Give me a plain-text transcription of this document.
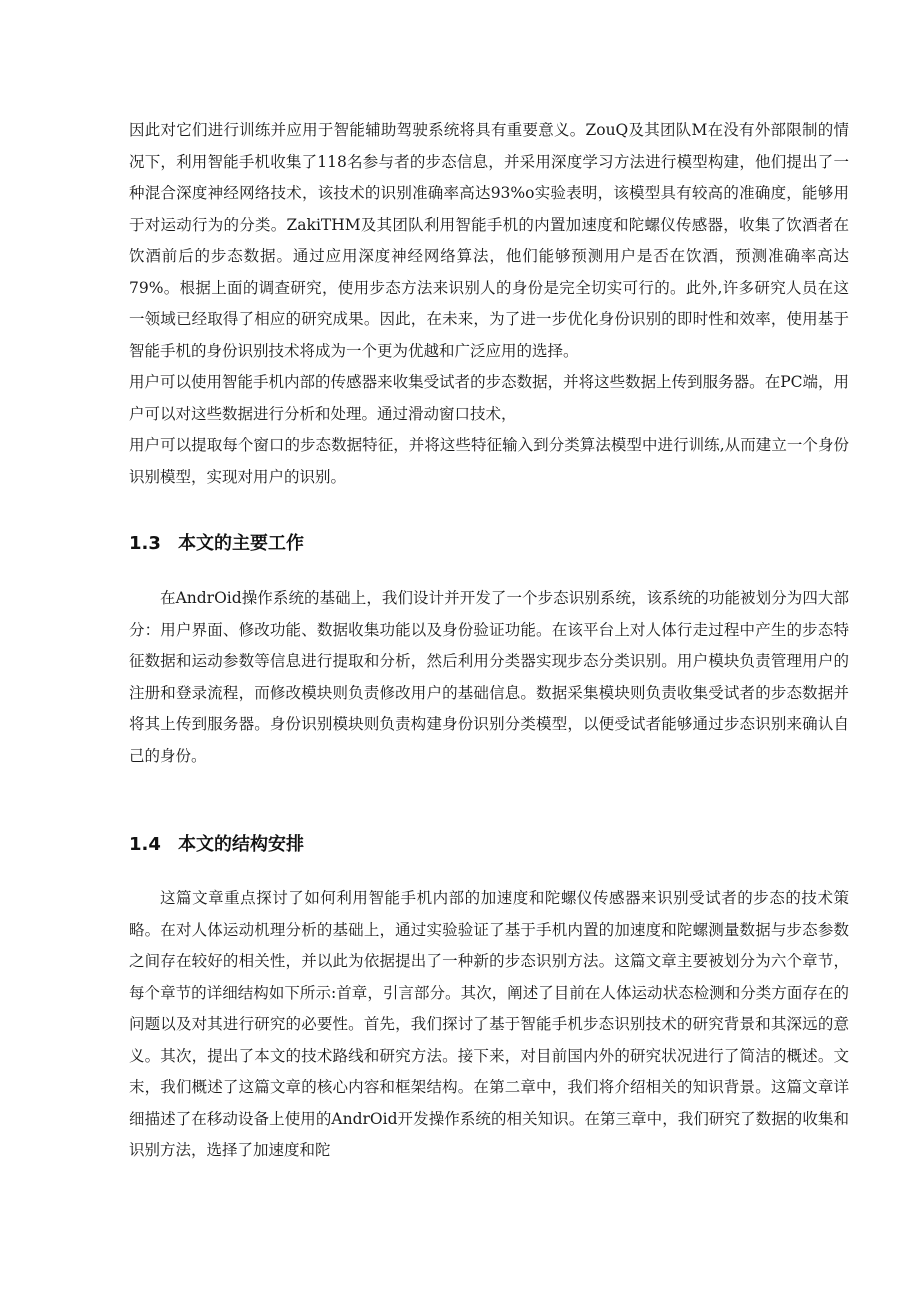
因此对它们进行训练并应用于智能辅助驾驶系统将具有重要意义。ZouQ及其团队M在没有外部限制的情况下，利用智能手机收集了118名参与者的步态信息，并采用深度学习方法进行模型构建，他们提出了一种混合深度神经网络技术，该技术的识别准确率高达93%o实验表明，该模型具有较高的准确度，能够用于对运动行为的分类。ZakiTHM及其团队利用智能手机的内置加速度和陀螺仪传感器，收集了饮酒者在饮酒前后的步态数据。通过应用深度神经网络算法，他们能够预测用户是否在饮酒，预测准确率高达79%。根据上面的调查研究，使用步态方法来识别人的身份是完全切实可行的。此外,许多研究人员在这一领域已经取得了相应的研究成果。因此，在未来，为了进一步优化身份识别的即时性和效率，使用基于智能手机的身份识别技术将成为一个更为优越和广泛应用的选择。

用户可以使用智能手机内部的传感器来收集受试者的步态数据，并将这些数据上传到服务器。在PC端，用户可以对这些数据进行分析和处理。通过滑动窗口技术，

用户可以提取每个窗口的步态数据特征，并将这些特征输入到分类算法模型中进行训练,从而建立一个身份识别模型，实现对用户的识别。

1.3 本文的主要工作

在AndrOid操作系统的基础上，我们设计并开发了一个步态识别系统，该系统的功能被划分为四大部分：用户界面、修改功能、数据收集功能以及身份验证功能。在该平台上对人体行走过程中产生的步态特征数据和运动参数等信息进行提取和分析，然后利用分类器实现步态分类识别。用户模块负责管理用户的注册和登录流程，而修改模块则负责修改用户的基础信息。数据采集模块则负责收集受试者的步态数据并将其上传到服务器。身份识别模块则负责构建身份识别分类模型，以便受试者能够通过步态识别来确认自己的身份。

1.4 本文的结构安排

这篇文章重点探讨了如何利用智能手机内部的加速度和陀螺仪传感器来识别受试者的步态的技术策略。在对人体运动机理分析的基础上，通过实验验证了基于手机内置的加速度和陀螺测量数据与步态参数之间存在较好的相关性，并以此为依据提出了一种新的步态识别方法。这篇文章主要被划分为六个章节，每个章节的详细结构如下所示:首章，引言部分。其次，阐述了目前在人体运动状态检测和分类方面存在的问题以及对其进行研究的必要性。首先，我们探讨了基于智能手机步态识别技术的研究背景和其深远的意义。其次，提出了本文的技术路线和研究方法。接下来，对目前国内外的研究状况进行了简洁的概述。文末，我们概述了这篇文章的核心内容和框架结构。在第二章中，我们将介绍相关的知识背景。这篇文章详细描述了在移动设备上使用的AndrOid开发操作系统的相关知识。在第三章中，我们研究了数据的收集和识别方法，选择了加速度和陀
